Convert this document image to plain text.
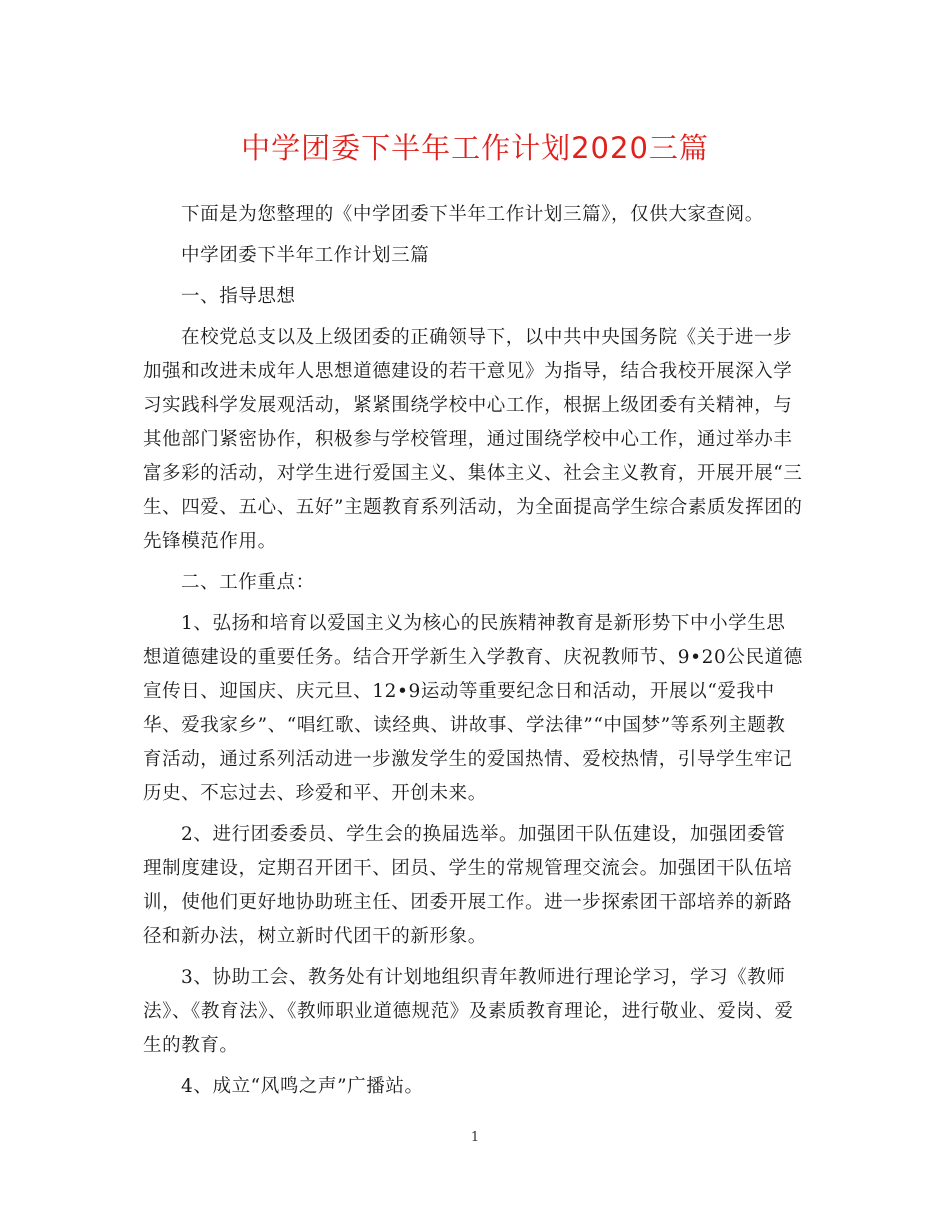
中学团委下半年工作计划2020三篇

下面是为您整理的《中学团委下半年工作计划三篇》，仅供大家查阅。

中学团委下半年工作计划三篇

一、指导思想

在校党总支以及上级团委的正确领导下，以中共中央国务院《关于进一步加强和改进未成年人思想道德建设的若干意见》为指导，结合我校开展深入学习实践科学发展观活动，紧紧围绕学校中心工作，根据上级团委有关精神，与其他部门紧密协作，积极参与学校管理，通过围绕学校中心工作，通过举办丰富多彩的活动，对学生进行爱国主义、集体主义、社会主义教育，开展开展“三生、四爱、五心、五好”主题教育系列活动，为全面提高学生综合素质发挥团的先锋模范作用。

二、工作重点：

1、弘扬和培育以爱国主义为核心的民族精神教育是新形势下中小学生思想道德建设的重要任务。结合开学新生入学教育、庆祝教师节、9•20公民道德宣传日、迎国庆、庆元旦、12•9运动等重要纪念日和活动，开展以“爱我中华、爱我家乡”、“唱红歌、读经典、讲故事、学法律”“中国梦”等系列主题教育活动，通过系列活动进一步激发学生的爱国热情、爱校热情，引导学生牢记历史、不忘过去、珍爱和平、开创未来。

2、进行团委委员、学生会的换届选举。加强团干队伍建设，加强团委管理制度建设，定期召开团干、团员、学生的常规管理交流会。加强团干队伍培训，使他们更好地协助班主任、团委开展工作。进一步探索团干部培养的新路径和新办法，树立新时代团干的新形象。

3、协助工会、教务处有计划地组织青年教师进行理论学习，学习《教师法》、《教育法》、《教师职业道德规范》及素质教育理论，进行敬业、爱岗、爱生的教育。

4、成立“风鸣之声”广播站。

1
